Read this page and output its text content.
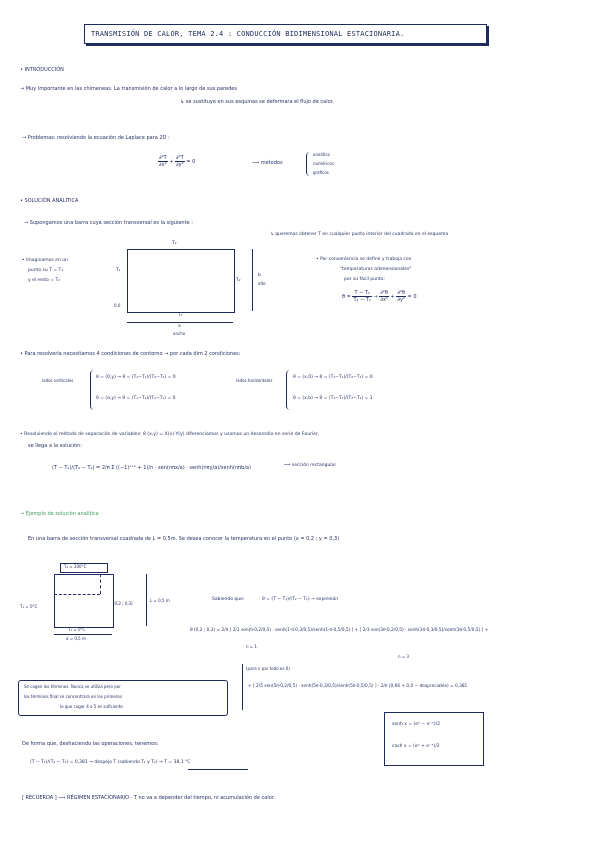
TRANSMISIÓN DE CALOR, TEMA 2.4 : CONDUCCIÓN BIDIMENSIONAL ESTACIONARIA.
• INTRODUCCIÓN
→ Muy importante en las chimeneas. La transmisión de calor a lo largo de sus paredes
↳ se sustituye en sus esquinas se deformara el flujo de calor.
→ Problemas: resolviendo la ecuación de Laplace para 2D :
$\frac{\text{∂²T}}{\text{∂x²}} + \frac{\text{∂²T}}{\text{∂y²}} = 0$	⟹ métodos
analítico
numéricos
gráficos
• SOLUCIÓN ANALÍTICA
→ Supongamos una barra cuya sección transversal es la siguiente :
↳ queremos obtener T en cualquier punto interior del cuadrado en el esquema
• Imaginamos en un
punto su T = T₁
y el resto = T₂
T₂
T₁
T₂
T₁
b
alto
0,0
a
ancho
• Por conveniencia se define y trabaja con
"temperaturas adimensionales"
por su fácil punto:
$\theta = \frac{\text{T − T₁}}{\text{T₂ − T₁}} \to \frac{\text{∂²θ}}{\text{∂x²}} + \frac{\text{∂²θ}}{\text{∂y²}} = 0$
• Para resolverla necesitamos 4 condiciones de contorno → por cada dim 2 condiciones:
lados verticales
θ = (0,y) → θ = (T₁−T₁)/(T₂−T₁) = 0
θ = (a,y) → θ = (T₁−T₁)/(T₂−T₁) = 0
lados horizontales
θ = (x,0) → θ = (T₁−T₁)/(T₂−T₁) = 0
θ = (x,b) → θ = (T₂−T₁)/(T₂−T₁) = 1
• Resolviendo el método de separación de variables: θ (x,y) = X(x)·Y(y) diferenciamos y usamos un desarrollo en serie de Fourier,
se llega a la solución:
(T − T₁)/(T₂ − T₁) = 2/π Σ ((−1)ⁿ⁺¹ + 1)/n · sen(nπx/a) · senh(nπy/a)/senh(nπb/a)	⟹ sección rectangular
→ Ejemplo de solución analítica
En una barra de sección transversal cuadrada de L = 0,5m. Se desea conocer la temperatura en el punto (x = 0,2 ; y = 0,3)
T₂ = 200°C
T₁ = 0°C
T₁ = 0°C
(0,2 ; 0,3)
L = 0,5 m
a = 0,5 m
Sabiendo que:	θ = (T − T₁)/(T₂ − T₁) → expresión
θ (0,2 ; 0,3) = 2/π [ 2/1 sen(π·0,2/0,5) · senh(1·π·0,3/0,5)/senh(1·π·0,5/0,5) ] + [ 2/3 sen(3π·0,2/0,5) · senh(3π·0,3/0,5)/senh(3π·0,5/0,5) ] +
n = 1
n = 3
(para n par todo es 0)
+ [ 2/5 sen(5π·0,2/0,5) · senh(5π·0,3/0,5)/senh(5π·0,5/0,5) ] · 2/π (0,66 + 0,0 − despreciable) = 0,381
Se cogen los términos. Nunca se utiliza pero por
los términos final se concentrara en los primeros
lo que coger 4 o 5 es suficiente
senh x = (eˣ − e⁻ˣ)/2
cosh x = (eˣ + e⁻ˣ)/2
De forma que, deshaciendo las operaciones, tenemos:
(T − T₁)/(T₂ − T₁) = 0,381 → despejo T (sabiendo T₁ y T₂) → T = 38,1 °C
[ RECUERDA ] ⟹ RÉGIMEN ESTACIONARIO · T no va a depender del tiempo, ni acumulación de calor.
